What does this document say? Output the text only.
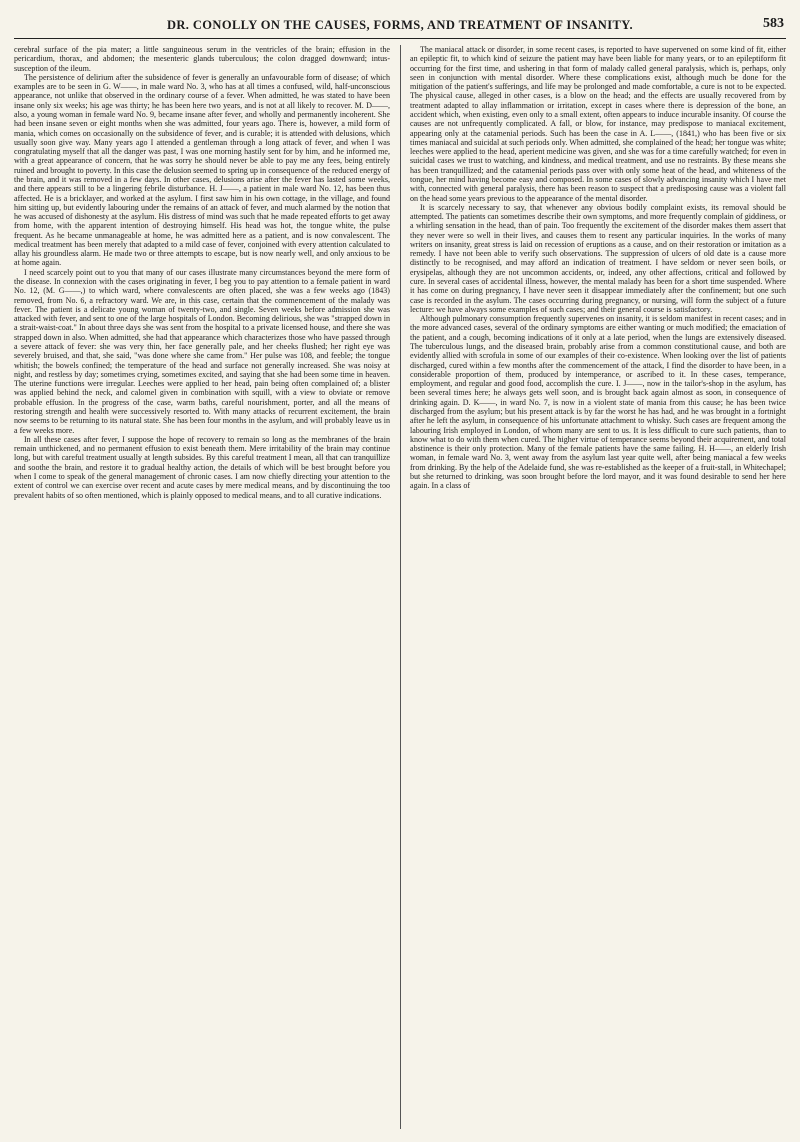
DR. CONOLLY ON THE CAUSES, FORMS, AND TREATMENT OF INSANITY.	583

cerebral surface of the pia mater; a little sanguineous serum in the ventricles of the brain; effusion in the pericardium, thorax, and abdomen; the mesenteric glands tuberculous; the colon dragged downward; intus-susception of the ileum.

The persistence of delirium after the subsidence of fever is generally an unfavourable form of disease; of which examples are to be seen in G. W——, in male ward No. 3, who has at all times a confused, wild, half-unconscious appearance, not unlike that observed in the ordinary course of a fever. When admitted, he was stated to have been insane only six weeks; his age was thirty; he has been here two years, and is not at all likely to recover. M. D——, also, a young woman in female ward No. 9, became insane after fever, and wholly and permanently incoherent. She had been insane seven or eight months when she was admitted, four years ago. There is, however, a mild form of mania, which comes on occasionally on the subsidence of fever, and is curable; it is attended with delusions, which usually soon give way. Many years ago I attended a gentleman through a long attack of fever, and when I was congratulating myself that all the danger was past, I was one morning hastily sent for by him, and he informed me, with a great appearance of concern, that he was sorry he should never be able to pay me any fees, being entirely ruined and brought to poverty. In this case the delusion seemed to spring up in consequence of the reduced energy of the brain, and it was removed in a few days. In other cases, delusions arise after the fever has lasted some weeks, and there appears still to be a lingering febrile disturbance. H. J——, a patient in male ward No. 12, has been thus affected. He is a bricklayer, and worked at the asylum. I first saw him in his own cottage, in the village, and found him sitting up, but evidently labouring under the remains of an attack of fever, and much alarmed by the notion that he was accused of dishonesty at the asylum. His distress of mind was such that he made repeated efforts to get away from home, with the apparent intention of destroying himself. His head was hot, the tongue white, the pulse frequent. As he became unmanageable at home, he was admitted here as a patient, and is now convalescent. The medical treatment has been merely that adapted to a mild case of fever, conjoined with every attention calculated to allay his groundless alarm. He made two or three attempts to escape, but is now nearly well, and only anxious to be at home again.

I need scarcely point out to you that many of our cases illustrate many circumstances beyond the mere form of the disease. In connexion with the cases originating in fever, I beg you to pay attention to a female patient in ward No. 12, (M. G——,) to which ward, where convalescents are often placed, she was a few weeks ago (1843) removed, from No. 6, a refractory ward. We are, in this case, certain that the commencement of the malady was fever. The patient is a delicate young woman of twenty-two, and single. Seven weeks before admission she was attacked with fever, and sent to one of the large hospitals of London. Becoming delirious, she was "strapped down in a strait-waist-coat." In about three days she was sent from the hospital to a private licensed house, and there she was strapped down in also. When admitted, she had that appearance which characterizes those who have passed through a severe attack of fever: she was very thin, her face generally pale, and her cheeks flushed; her right eye was severely bruised, and that, she said, "was done where she came from." Her pulse was 108, and feeble; the tongue whitish; the bowels confined; the temperature of the head and surface not generally increased. She was noisy at night, and restless by day; sometimes crying, sometimes excited, and saying that she had been some time in heaven. The uterine functions were irregular. Leeches were applied to her head, pain being often complained of; a blister was applied behind the neck, and calomel given in combination with squill, with a view to obviate or remove probable effusion. In the progress of the case, warm baths, careful nourishment, porter, and all the means of restoring strength and health were successively resorted to. With many attacks of recurrent excitement, the brain now seems to be returning to its natural state. She has been four months in the asylum, and will probably leave us in a few weeks more.

In all these cases after fever, I suppose the hope of recovery to remain so long as the membranes of the brain remain unthickened, and no permanent effusion to exist beneath them. Mere irritability of the brain may continue long, but with careful treatment usually at length subsides. By this careful treatment I mean, all that can tranquillize and soothe the brain, and restore it to gradual healthy action, the details of which will be best brought before you when I come to speak of the general management of chronic cases. I am now chiefly directing your attention to the extent of control we can exercise over recent and acute cases by mere medical means, and by discontinuing the too prevalent habits of so often mentioned, which is plainly opposed to medical means, and to all curative indications.

The maniacal attack or disorder, in some recent cases, is reported to have supervened on some kind of fit, either an epileptic fit, to which kind of seizure the patient may have been liable for many years, or to an epileptiform fit occurring for the first time, and ushering in that form of malady called general paralysis, which is, perhaps, only seen in conjunction with mental disorder. Where these complications exist, although much be done for the mitigation of the patient's sufferings, and life may be prolonged and made comfortable, a cure is not to be expected. The physical cause, alleged in other cases, is a blow on the head; and the effects are usually recovered from by treatment adapted to allay inflammation or irritation, except in cases where there is depression of the bone, an accident which, when existing, even only to a small extent, often appears to induce incurable insanity. Of course the causes are not unfrequently complicated. A fall, or blow, for instance, may predispose to maniacal excitement, appearing only at the catamenial periods. Such has been the case in A. L——, (1841,) who has been five or six times maniacal and suicidal at such periods only. When admitted, she complained of the head; her tongue was white; leeches were applied to the head, aperient medicine was given, and she was for a time carefully watched; for even in suicidal cases we trust to watching, and kindness, and medical treatment, and use no restraints. By these means she has been tranquillized; and the catamenial periods pass over with only some heat of the head, and whiteness of the tongue, her mind having become easy and composed. In some cases of slowly advancing insanity which I have met with, connected with general paralysis, there has been reason to suspect that a predisposing cause was a violent fall on the head some years previous to the appearance of the mental disorder.

It is scarcely necessary to say, that whenever any obvious bodily complaint exists, its removal should be attempted. The patients can sometimes describe their own symptoms, and more frequently complain of giddiness, or a whirling sensation in the head, than of pain. Too frequently the excitement of the disorder makes them assert that they never were so well in their lives, and causes them to resent any particular inquiries. In the works of many writers on insanity, great stress is laid on recession of eruptions as a cause, and on their restoration or imitation as a remedy. I have not been able to verify such observations. The suppression of ulcers of old date is a cause more distinctly to be recognised, and may afford an indication of treatment. I have seldom or never seen boils, or erysipelas, although they are not uncommon accidents, or, indeed, any other affections, critical and followed by cure. In several cases of accidental illness, however, the mental malady has been for a short time suspended. Where it has come on during pregnancy, I have never seen it disappear immediately after the confinement; but one such case is recorded in the asylum. The cases occurring during pregnancy, or nursing, will form the subject of a future lecture: we have always some examples of such cases; and their general course is satisfactory.

Although pulmonary consumption frequently supervenes on insanity, it is seldom manifest in recent cases; and in the more advanced cases, several of the ordinary symptoms are either wanting or much modified; the emaciation of the patient, and a cough, becoming indications of it only at a late period, when the lungs are extensively diseased. The tuberculous lungs, and the diseased brain, probably arise from a common constitutional cause, and both are evidently allied with scrofula in some of our examples of their co-existence. When looking over the list of patients discharged, cured within a few months after the commencement of the attack, I find the disorder to have been, in a considerable proportion of them, produced by intemperance, or ascribed to it. In these cases, temperance, employment, and regular and good food, accomplish the cure. I. J——, now in the tailor's-shop in the asylum, has been several times here; he always gets well soon, and is brought back again almost as soon, in consequence of drinking again. D. K——, in ward No. 7, is now in a violent state of mania from this cause; he has been twice discharged from the asylum; but his present attack is by far the worst he has had, and he was brought in a fortnight after he left the asylum, in consequence of his unfortunate attachment to whisky. Such cases are frequent among the labouring Irish employed in London, of whom many are sent to us. It is less difficult to cure such patients, than to know what to do with them when cured. The higher virtue of temperance seems beyond their acquirement, and total abstinence is their only protection. Many of the female patients have the same failing. H. H——, an elderly Irish woman, in female ward No. 3, went away from the asylum last year quite well, after being maniacal a few weeks from drinking. By the help of the Adelaide fund, she was re-established as the keeper of a fruit-stall, in Whitechapel; but she returned to drinking, was soon brought before the lord mayor, and it was found desirable to send her here again. In a class of
